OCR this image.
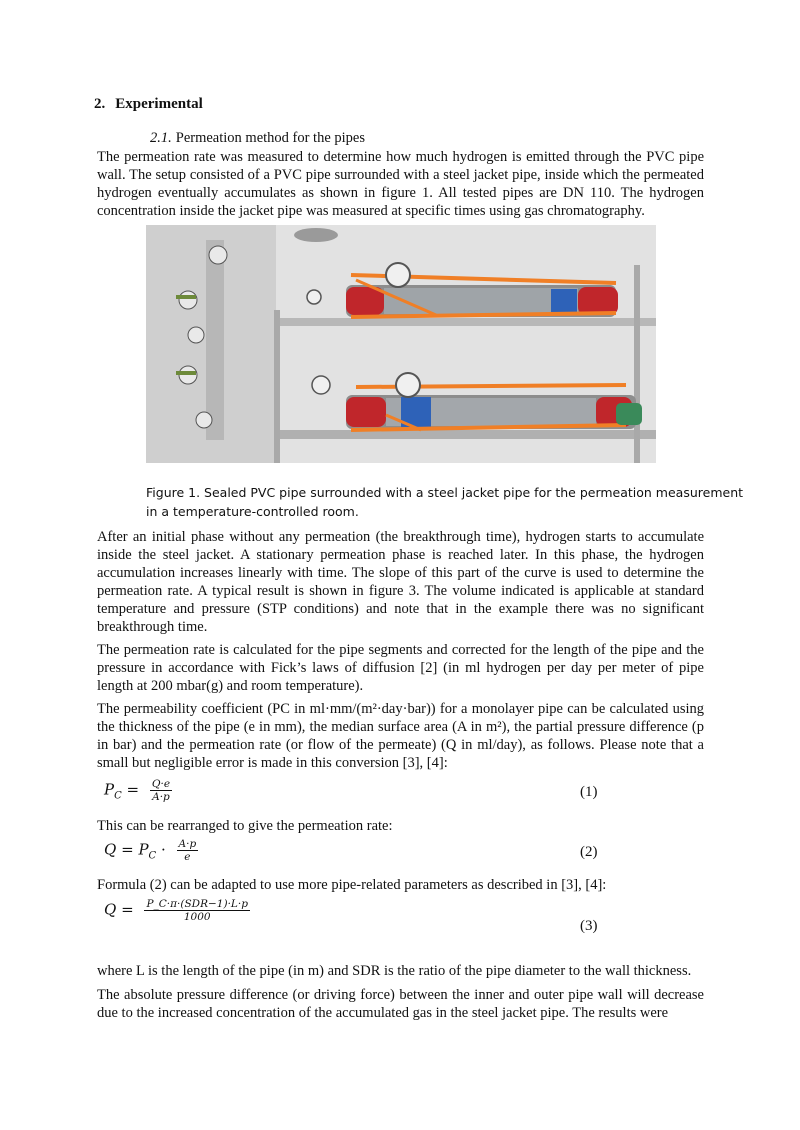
2. Experimental
2.1. Permeation method for the pipes

The permeation rate was measured to determine how much hydrogen is emitted through the PVC pipe wall. The setup consisted of a PVC pipe surrounded with a steel jacket pipe, inside which the permeated hydrogen eventually accumulates as shown in figure 1. All tested pipes are DN 110. The hydrogen concentration inside the jacket pipe was measured at specific times using gas chromatography.

Figure 1. Sealed PVC pipe surrounded with a steel jacket pipe for the permeation measurement in a temperature-controlled room.

After an initial phase without any permeation (the breakthrough time), hydrogen starts to accumulate inside the steel jacket. A stationary permeation phase is reached later. In this phase, the hydrogen accumulation increases linearly with time. The slope of this part of the curve is used to determine the permeation rate. A typical result is shown in figure 3. The volume indicated is applicable at standard temperature and pressure (STP conditions) and note that in the example there was no significant breakthrough time.

The permeation rate is calculated for the pipe segments and corrected for the length of the pipe and the pressure in accordance with Fick’s laws of diffusion [2] (in ml hydrogen per day per meter of pipe length at 200 mbar(g) and room temperature).

The permeability coefficient (PC in ml·mm/(m²·day·bar)) for a monolayer pipe can be calculated using the thickness of the pipe (e in mm), the median surface area (A in m²), the partial pressure difference (p in bar) and the permeation rate (or flow of the permeate) (Q in ml/day), as follows. Please note that a small but negligible error is made in this conversion [3], [4]:

$P_C = \frac{Q\cdot e}{A\cdot p}$	(1)

This can be rearranged to give the permeation rate:

$Q = P_C \cdot \frac{A\cdot p}{e}$	(2)

Formula (2) can be adapted to use more pipe-related parameters as described in [3], [4]:

$Q = \frac{\text{P\_C·π·(SDR−1)·L·p}}{1000}$
(3)

where L is the length of the pipe (in m) and SDR is the ratio of the pipe diameter to the wall thickness.

The absolute pressure difference (or driving force) between the inner and outer pipe wall will decrease due to the increased concentration of the accumulated gas in the steel jacket pipe. The results were
